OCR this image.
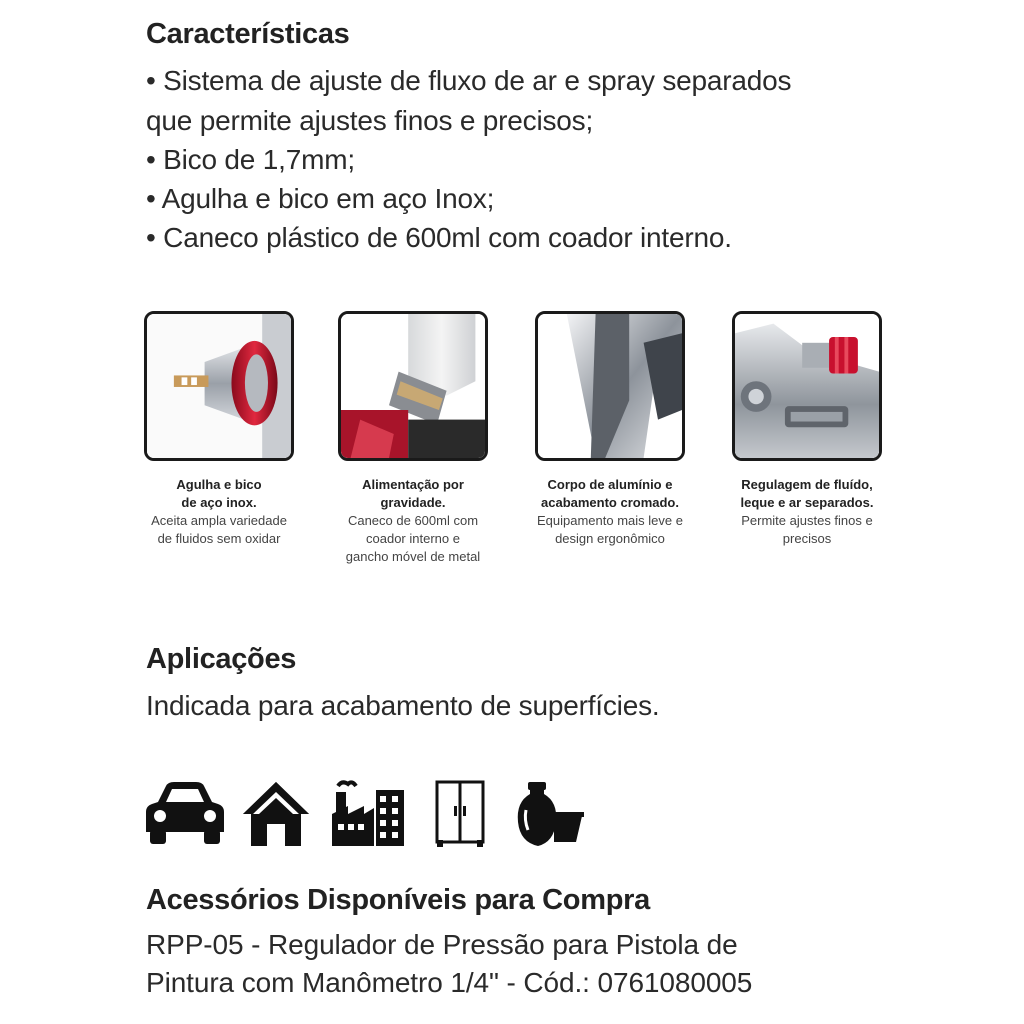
Características
• Sistema de ajuste de fluxo de ar e spray separados
que permite ajustes finos e precisos;
• Bico de 1,7mm;
• Agulha e bico em aço Inox;
• Caneco plástico de 600ml com coador interno.
Agulha e bico
de aço inox.
Aceita ampla variedade
de fluidos sem oxidar
Alimentação por
gravidade.
Caneco de 600ml com
coador interno e
gancho móvel de metal
Corpo de alumínio e
acabamento cromado.
Equipamento mais leve e
design ergonômico
Regulagem de fluído,
leque e ar separados.
Permite ajustes finos e
precisos
Aplicações
Indicada para acabamento de superfícies.
Acessórios Disponíveis para Compra
RPP-05 - Regulador de Pressão para Pistola de
Pintura com Manômetro 1/4" - Cód.: 0761080005
